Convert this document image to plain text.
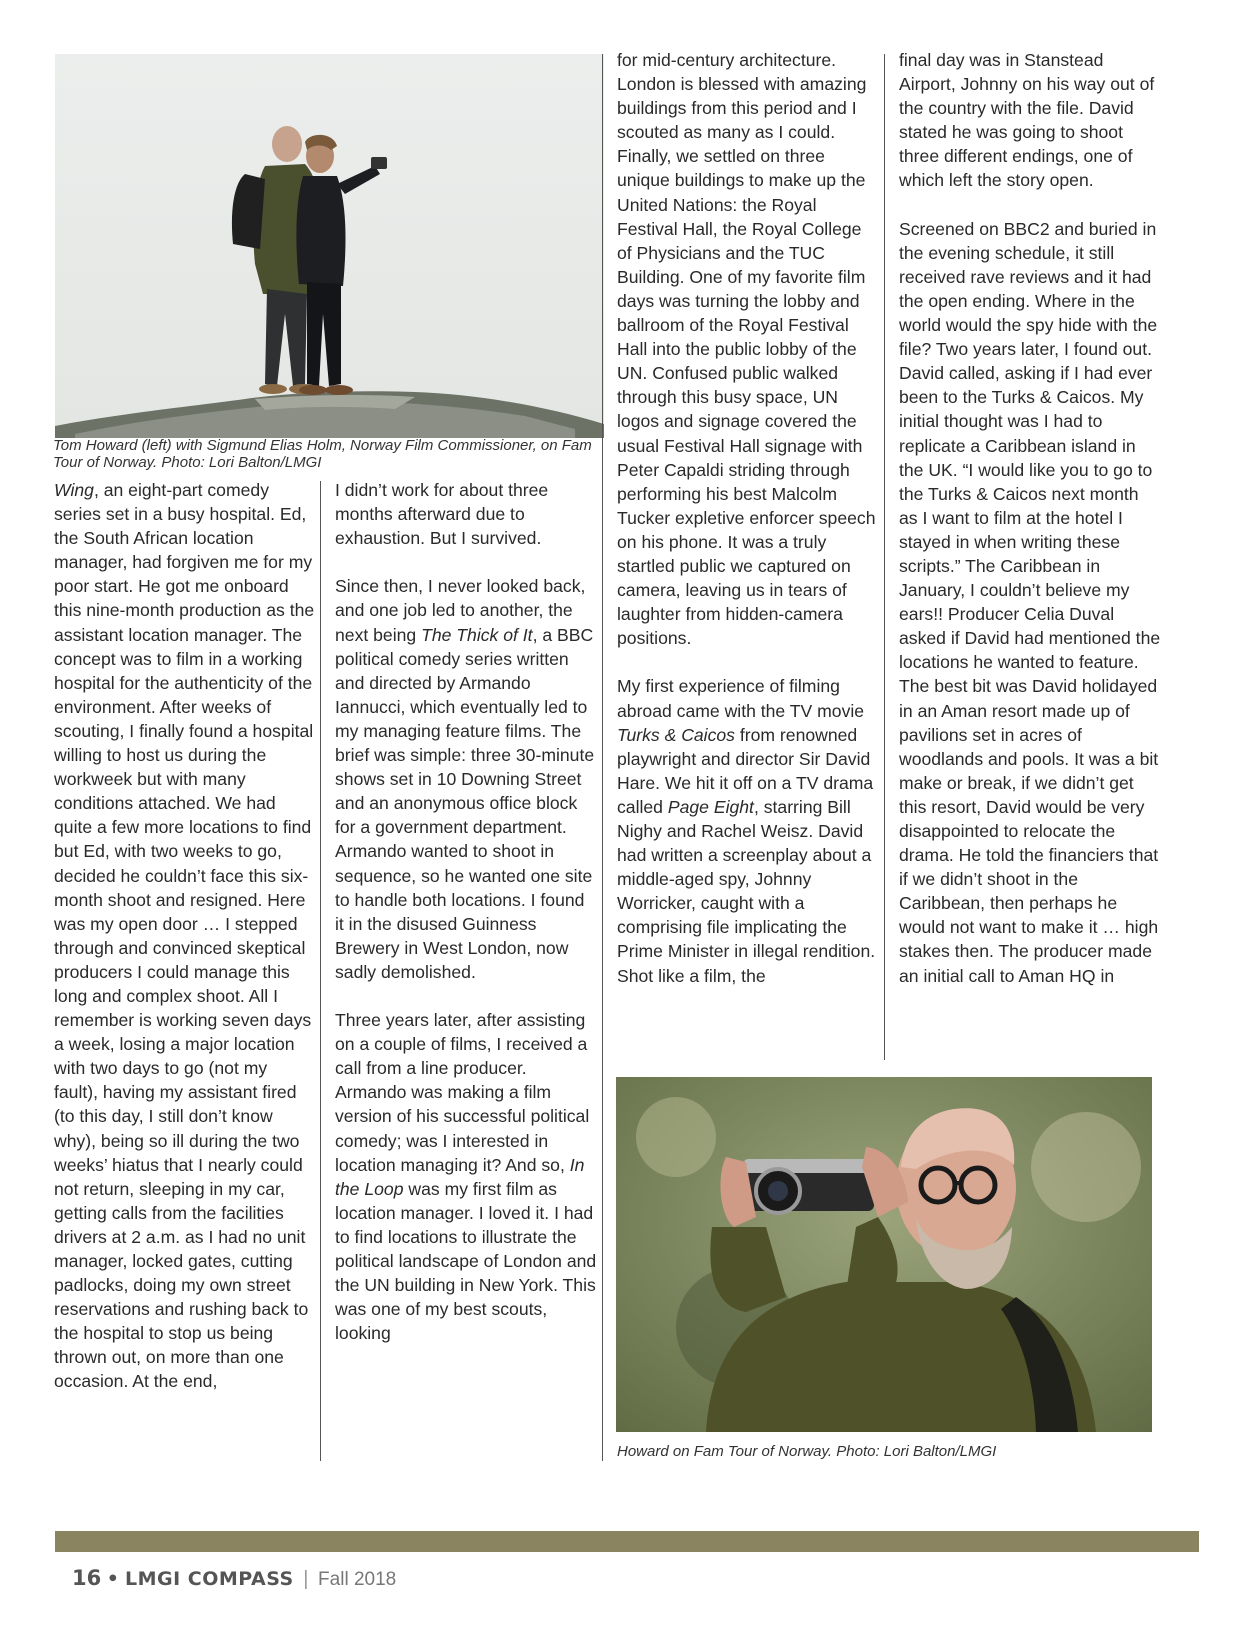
Tom Howard (left) with Sigmund Elias Holm, Norway Film Commissioner, on Fam Tour of Norway. Photo: Lori Balton/LMGI

Wing, an eight-part comedy series set in a busy hospital. Ed, the South African location manager, had forgiven me for my poor start. He got me onboard this nine-month production as the assistant location manager. The concept was to film in a working hospital for the authenticity of the environment. After weeks of scouting, I finally found a hospital willing to host us during the workweek but with many conditions attached. We had quite a few more locations to find but Ed, with two weeks to go, decided he couldn’t face this six-month shoot and resigned. Here was my open door … I stepped through and convinced skeptical producers I could manage this long and complex shoot. All I remember is working seven days a week, losing a major location with two days to go (not my fault), having my assistant fired (to this day, I still don’t know why), being so ill during the two weeks’ hiatus that I nearly could not return, sleeping in my car, getting calls from the facilities drivers at 2 a.m. as I had no unit manager, locked gates, cutting padlocks, doing my own street reservations and rushing back to the hospital to stop us being thrown out, on more than one occasion. At the end,

I didn’t work for about three months afterward due to exhaustion. But I survived.

Since then, I never looked back, and one job led to another, the next being The Thick of It, a BBC political comedy series written and directed by Armando Iannucci, which eventually led to my managing feature films. The brief was simple: three 30-minute shows set in 10 Downing Street and an anonymous office block for a government department. Armando wanted to shoot in sequence, so he wanted one site to handle both locations. I found it in the disused Guinness Brewery in West London, now sadly demolished.

Three years later, after assisting on a couple of films, I received a call from a line producer. Armando was making a film version of his successful political comedy; was I interested in location managing it? And so, In the Loop was my first film as location manager. I loved it. I had to find locations to illustrate the political landscape of London and the UN building in New York. This was one of my best scouts, looking

for mid-century architecture. London is blessed with amazing buildings from this period and I scouted as many as I could. Finally, we settled on three unique buildings to make up the United Nations: the Royal Festival Hall, the Royal College of Physicians and the TUC Building. One of my favorite film days was turning the lobby and ballroom of the Royal Festival Hall into the public lobby of the UN. Confused public walked through this busy space, UN logos and signage covered the usual Festival Hall signage with Peter Capaldi striding through performing his best Malcolm Tucker expletive enforcer speech on his phone. It was a truly startled public we captured on camera, leaving us in tears of laughter from hidden-camera positions.

My first experience of filming abroad came with the TV movie Turks & Caicos from renowned playwright and director Sir David Hare. We hit it off on a TV drama called Page Eight, starring Bill Nighy and Rachel Weisz. David had written a screenplay about a middle-aged spy, Johnny Worricker, caught with a comprising file implicating the Prime Minister in illegal rendition. Shot like a film, the

final day was in Stanstead Airport, Johnny on his way out of the country with the file. David stated he was going to shoot three different endings, one of which left the story open.

Screened on BBC2 and buried in the evening schedule, it still received rave reviews and it had the open ending. Where in the world would the spy hide with the file? Two years later, I found out. David called, asking if I had ever been to the Turks & Caicos. My initial thought was I had to replicate a Caribbean island in the UK. “I would like you to go to the Turks & Caicos next month as I want to film at the hotel I stayed in when writing these scripts.” The Caribbean in January, I couldn’t believe my ears!! Producer Celia Duval asked if David had mentioned the locations he wanted to feature. The best bit was David holidayed in an Aman resort made up of pavilions set in acres of woodlands and pools. It was a bit make or break, if we didn’t get this resort, David would be very disappointed to relocate the drama. He told the financiers that if we didn’t shoot in the Caribbean, then perhaps he would not want to make it … high stakes then. The producer made an initial call to Aman HQ in

Howard on Fam Tour of Norway. Photo: Lori Balton/LMGI
16 • LMGI COMPASS | Fall 2018
